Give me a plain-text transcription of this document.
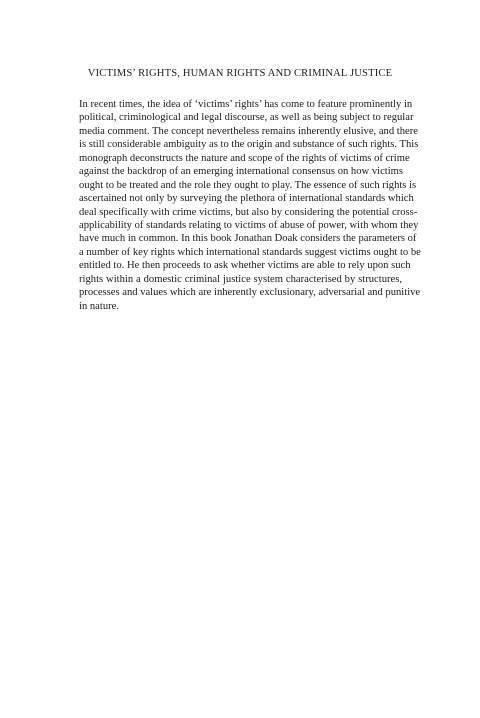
VICTIMS’ RIGHTS, HUMAN RIGHTS AND CRIMINAL JUSTICE
In recent times, the idea of ‘victims’ rights’ has come to feature prominently in
political, criminological and legal discourse, as well as being subject to regular
media comment. The concept nevertheless remains inherently elusive, and there
is still considerable ambiguity as to the origin and substance of such rights. This
monograph deconstructs the nature and scope of the rights of victims of crime
against the backdrop of an emerging international consensus on how victims
ought to be treated and the role they ought to play. The essence of such rights is
ascertained not only by surveying the plethora of international standards which
deal specifically with crime victims, but also by considering the potential cross-
applicability of standards relating to victims of abuse of power, with whom they
have much in common. In this book Jonathan Doak considers the parameters of
a number of key rights which international standards suggest victims ought to be
entitled to. He then proceeds to ask whether victims are able to rely upon such
rights within a domestic criminal justice system characterised by structures,
processes and values which are inherently exclusionary, adversarial and punitive
in nature.
